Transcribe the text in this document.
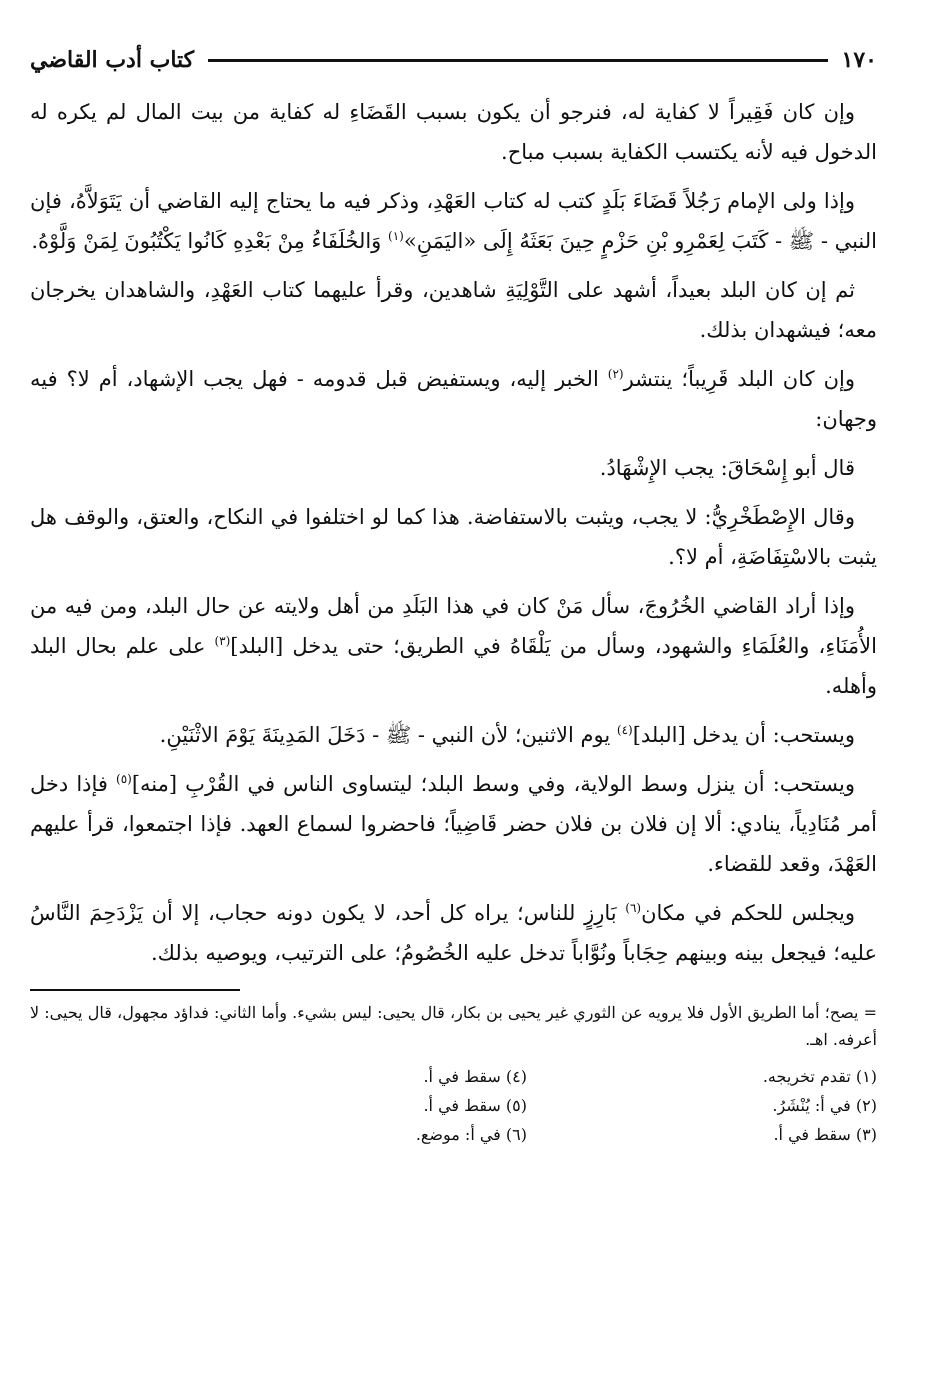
١٧٠
كتاب أدب القاضي

وإن كان فَقِيراً لا كفاية له، فنرجو أن يكون بسبب القَضَاءِ له كفاية من بيت المال لم يكره له الدخول فيه لأنه يكتسب الكفاية بسبب مباح.

وإذا ولى الإمام رَجُلاً قَضَاءَ بَلَدٍ كتب له كتاب العَهْدِ، وذكر فيه ما يحتاج إليه القاضي أن يَتَوَلاَّهُ، فإن النبي - ﷺ - كَتَبَ لِعَمْرِو بْنِ حَزْمٍ حِينَ بَعَثَهُ إِلَى «اليَمَنِ»$^{(١)}$ وَالخُلَفَاءُ مِنْ بَعْدِهِ كَانُوا يَكْتُبُونَ لِمَنْ وَلَّوْهُ.

ثم إن كان البلد بعيداً، أشهد على التَّوْلِيَةِ شاهدين، وقرأ عليهما كتاب العَهْدِ، والشاهدان يخرجان معه؛ فيشهدان بذلك.

وإن كان البلد قَرِيباً؛ ينتشر$^{(٢)}$ الخبر إليه، ويستفيض قبل قدومه - فهل يجب الإشهاد، أم لا؟ فيه وجهان:

قال أبو إِسْحَاقَ: يجب الإِشْهَادُ.

وقال الإِصْطَخْرِيُّ: لا يجب، ويثبت بالاستفاضة. هذا كما لو اختلفوا في النكاح، والعتق، والوقف هل يثبت بالاسْتِفَاضَةِ، أم لا؟.

وإذا أراد القاضي الخُرُوجَ، سأل مَنْ كان في هذا البَلَدِ من أهل ولايته عن حال البلد، ومن فيه من الأُمَنَاءِ، والعُلَمَاءِ والشهود، وسأل من يَلْقَاهُ في الطريق؛ حتى يدخل [البلد]$^{(٣)}$ على علم بحال البلد وأهله.

ويستحب: أن يدخل [البلد]$^{(٤)}$ يوم الاثنين؛ لأن النبي - ﷺ - دَخَلَ المَدِينَةَ يَوْمَ الاثْنَيْنِ.

ويستحب: أن ينزل وسط الولاية، وفي وسط البلد؛ ليتساوى الناس في القُرْبِ [منه]$^{(٥)}$ فإذا دخل أمر مُنَادِياً، ينادي: ألا إن فلان بن فلان حضر قَاضِياً؛ فاحضروا لسماع العهد. فإذا اجتمعوا، قرأ عليهم العَهْدَ، وقعد للقضاء.

ويجلس للحكم في مكان$^{(٦)}$ بَارِزٍ للناس؛ يراه كل أحد، لا يكون دونه حجاب، إلا أن يَزْدَحِمَ النَّاسُ عليه؛ فيجعل بينه وبينهم حِجَاباً ونُوَّاباً تدخل عليه الخُصُومُ؛ على الترتيب، ويوصيه بذلك.

= يصح؛ أما الطريق الأول فلا يرويه عن الثوري غير يحيى بن بكار، قال يحيى: ليس بشيء. وأما الثاني: فداؤد مجهول، قال يحيى: لا أعرفه. اهـ.

(١) تقدم تخريجه.
(٤) سقط في أ.
(٢) في أ: يُنْشَرُ.
(٥) سقط في أ.
(٣) سقط في أ.
(٦) في أ: موضع.
